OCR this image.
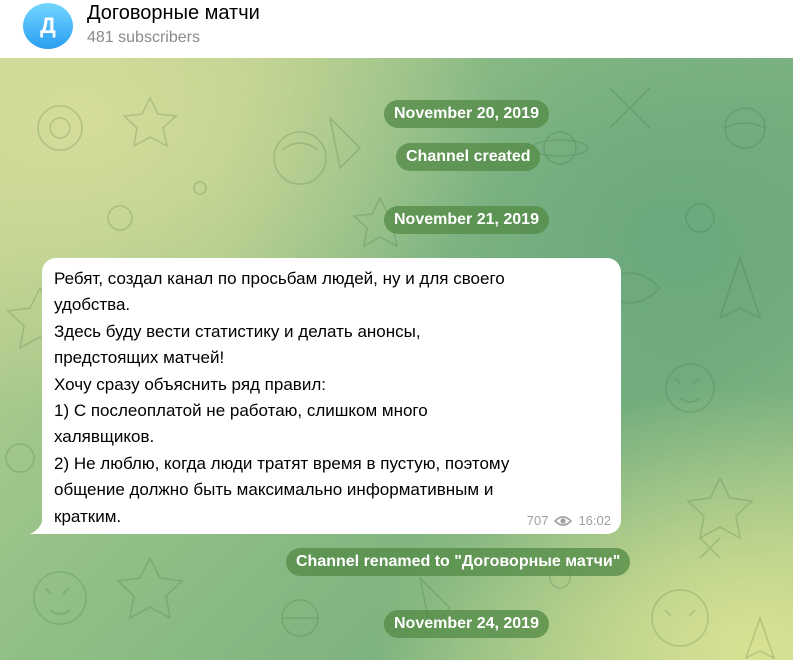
Д	Договорные матчи
481 subscribers
November 20, 2019
Channel created
November 21, 2019
Ребят, создал канал по просьбам людей, ну и для своего
удобства.
Здесь буду вести статистику и делать анонсы,
предстоящих матчей!
Хочу сразу объяснить ряд правил:
1) С послеоплатой не работаю, слишком много
халявщиков.
2) Не люблю, когда люди тратят время в пустую, поэтому
общение должно быть максимально информативным и
кратким.	707 16:02
Channel renamed to "Договорные матчи"
November 24, 2019
